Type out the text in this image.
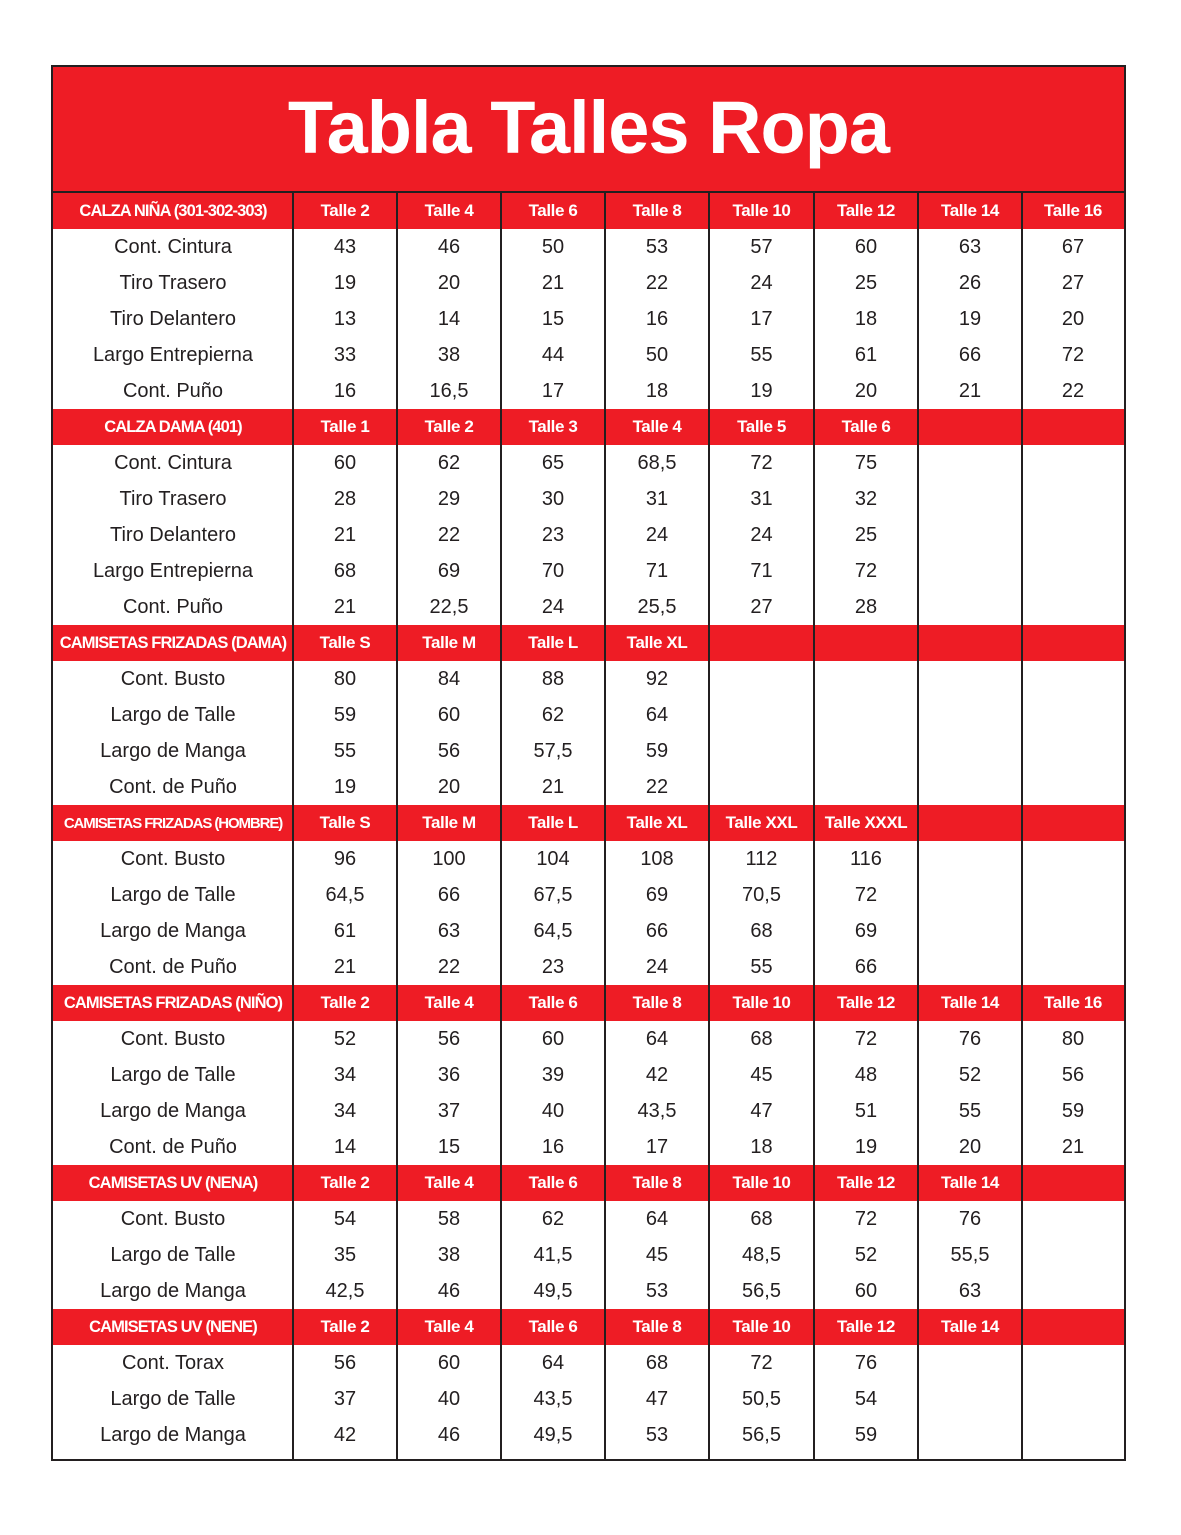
Tabla Talles Ropa
CALZA NIÑA (301-302-303)	Talle 2	Talle 4	Talle 6	Talle 8	Talle 10	Talle 12	Talle 14	Talle 16
Cont. Cintura	43	46	50	53	57	60	63	67
Tiro Trasero	19	20	21	22	24	25	26	27
Tiro Delantero	13	14	15	16	17	18	19	20
Largo Entrepierna	33	38	44	50	55	61	66	72
Cont. Puño	16	16,5	17	18	19	20	21	22
CALZA DAMA (401)	Talle 1	Talle 2	Talle 3	Talle 4	Talle 5	Talle 6
Cont. Cintura	60	62	65	68,5	72	75
Tiro Trasero	28	29	30	31	31	32
Tiro Delantero	21	22	23	24	24	25
Largo Entrepierna	68	69	70	71	71	72
Cont. Puño	21	22,5	24	25,5	27	28
CAMISETAS FRIZADAS (DAMA)	Talle S	Talle M	Talle L	Talle XL
Cont. Busto	80	84	88	92
Largo de Talle	59	60	62	64
Largo de Manga	55	56	57,5	59
Cont. de Puño	19	20	21	22
CAMISETAS FRIZADAS (HOMBRE)	Talle S	Talle M	Talle L	Talle XL	Talle XXL	Talle XXXL
Cont. Busto	96	100	104	108	112	116
Largo de Talle	64,5	66	67,5	69	70,5	72
Largo de Manga	61	63	64,5	66	68	69
Cont. de Puño	21	22	23	24	55	66
CAMISETAS FRIZADAS (NIÑO)	Talle 2	Talle 4	Talle 6	Talle 8	Talle 10	Talle 12	Talle 14	Talle 16
Cont. Busto	52	56	60	64	68	72	76	80
Largo de Talle	34	36	39	42	45	48	52	56
Largo de Manga	34	37	40	43,5	47	51	55	59
Cont. de Puño	14	15	16	17	18	19	20	21
CAMISETAS UV (NENA)	Talle 2	Talle 4	Talle 6	Talle 8	Talle 10	Talle 12	Talle 14
Cont. Busto	54	58	62	64	68	72	76
Largo de Talle	35	38	41,5	45	48,5	52	55,5
Largo de Manga	42,5	46	49,5	53	56,5	60	63
CAMISETAS UV (NENE)	Talle 2	Talle 4	Talle 6	Talle 8	Talle 10	Talle 12	Talle 14
Cont. Torax	56	60	64	68	72	76
Largo de Talle	37	40	43,5	47	50,5	54
Largo de Manga	42	46	49,5	53	56,5	59
